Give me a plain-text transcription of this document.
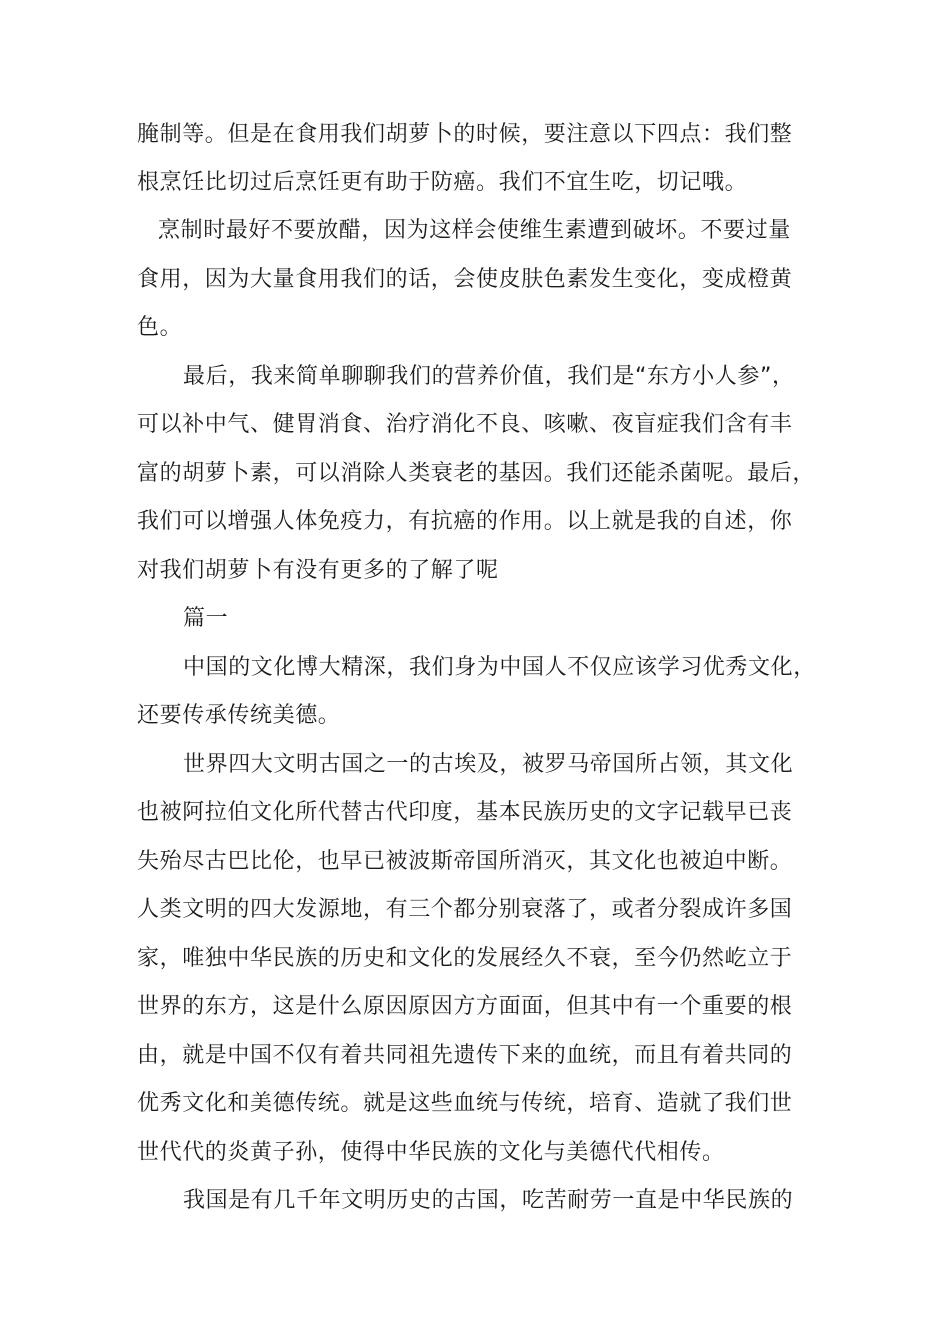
腌制等。但是在食用我们胡萝卜的时候，要注意以下四点：我们整
根烹饪比切过后烹饪更有助于防癌。我们不宜生吃，切记哦。
烹制时最好不要放醋，因为这样会使维生素遭到破坏。不要过量
食用，因为大量食用我们的话，会使皮肤色素发生变化，变成橙黄
色。
最后，我来简单聊聊我们的营养价值，我们是“东方小人参”，
可以补中气、健胃消食、治疗消化不良、咳嗽、夜盲症我们含有丰
富的胡萝卜素，可以消除人类衰老的基因。我们还能杀菌呢。最后，
我们可以增强人体免疫力，有抗癌的作用。以上就是我的自述，你
对我们胡萝卜有没有更多的了解了呢
篇一
中国的文化博大精深，我们身为中国人不仅应该学习优秀文化，
还要传承传统美德。
世界四大文明古国之一的古埃及，被罗马帝国所占领，其文化
也被阿拉伯文化所代替古代印度，基本民族历史的文字记载早已丧
失殆尽古巴比伦，也早已被波斯帝国所消灭，其文化也被迫中断。
人类文明的四大发源地，有三个都分别衰落了，或者分裂成许多国
家，唯独中华民族的历史和文化的发展经久不衰，至今仍然屹立于
世界的东方，这是什么原因原因方方面面，但其中有一个重要的根
由，就是中国不仅有着共同祖先遗传下来的血统，而且有着共同的
优秀文化和美德传统。就是这些血统与传统，培育、造就了我们世
世代代的炎黄子孙，使得中华民族的文化与美德代代相传。
我国是有几千年文明历史的古国，吃苦耐劳一直是中华民族的
